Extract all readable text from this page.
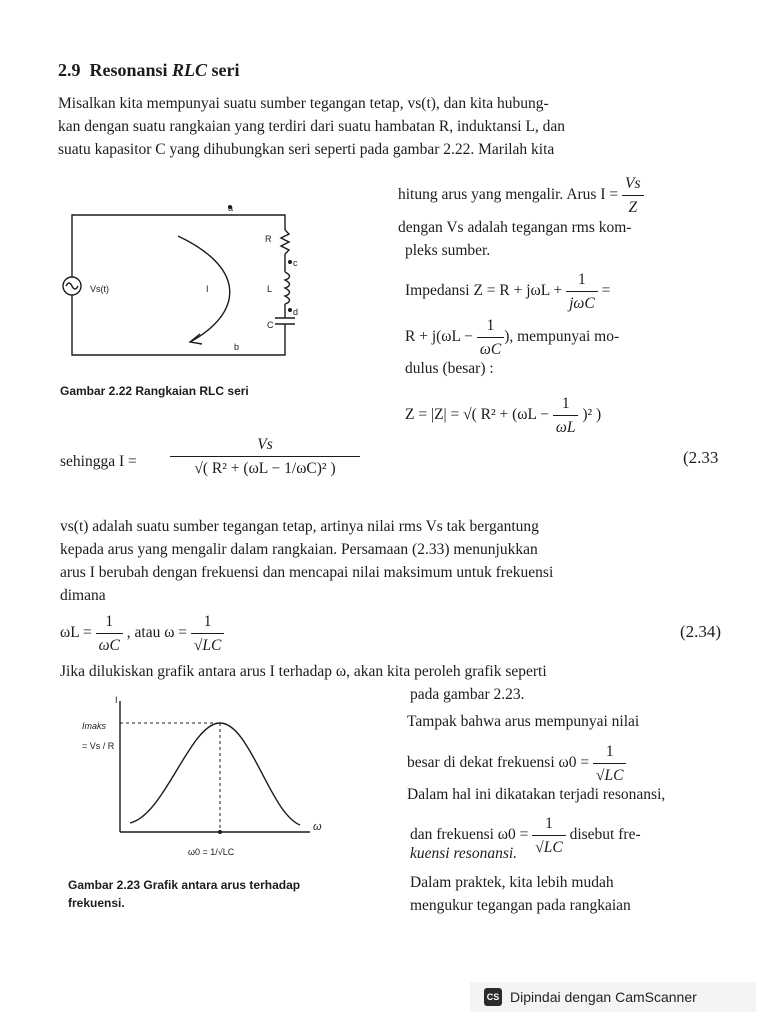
2.9 Resonansi RLC seri
Misalkan kita mempunyai suatu sumber tegangan tetap, vs(t), dan kita hubung-
kan dengan suatu rangkaian yang terdiri dari suatu hambatan R, induktansi L, dan
suatu kapasitor C yang dihubungkan seri seperti pada gambar 2.22. Marilah kita
hitung arus yang mengalir. Arus $I = \frac{Vs}{Z}$
dengan Vs adalah tegangan rms kom-
pleks sumber.
Impedansi $Z = R + j\omega L + \frac{1}{\text{jωC}}$ =
$R + j(\omega L - \frac{1}{\omega C}$ ), mempunyai mo-
dulus (besar) :
Z = |Z| = √( $R^2 + (\omega L - \frac{1}{\omega L} )^2$ )
a
c
d
b
R
L
C
Vs(t)	I
Gambar 2.22 Rangkaian RLC seri
sehingga I =
Vs
√( R² + (ωL − 1/ωC)² )
(2.33
vs(t) adalah suatu sumber tegangan tetap, artinya nilai rms Vs tak bergantung
kepada arus yang mengalir dalam rangkaian. Persamaan (2.33) menunjukkan
arus I berubah dengan frekuensi dan mencapai nilai maksimum untuk frekuensi
dimana
$\omega L = \frac{1}{\omega C}$ , atau $\omega = \frac{1}{√LC}$	(2.34)
Jika dilukiskan grafik antara arus I terhadap ω, akan kita peroleh grafik seperti
pada gambar 2.23.
Tampak bahwa arus mempunyai nilai
besar di dekat frekuensi $\omega 0 = \frac{1}{√LC}$
Dalam hal ini dikatakan terjadi resonansi,
dan frekuensi $\omega 0 = \frac{1}{√LC}$ disebut fre-
kuensi resonansi.
Dalam praktek, kita lebih mudah
mengukur tegangan pada rangkaian
I
Imaks
= Vs / R
ω
ω0 = 1/√LC
Gambar 2.23 Grafik antara arus terhadap
frekuensi.
CS Dipindai dengan CamScanner
